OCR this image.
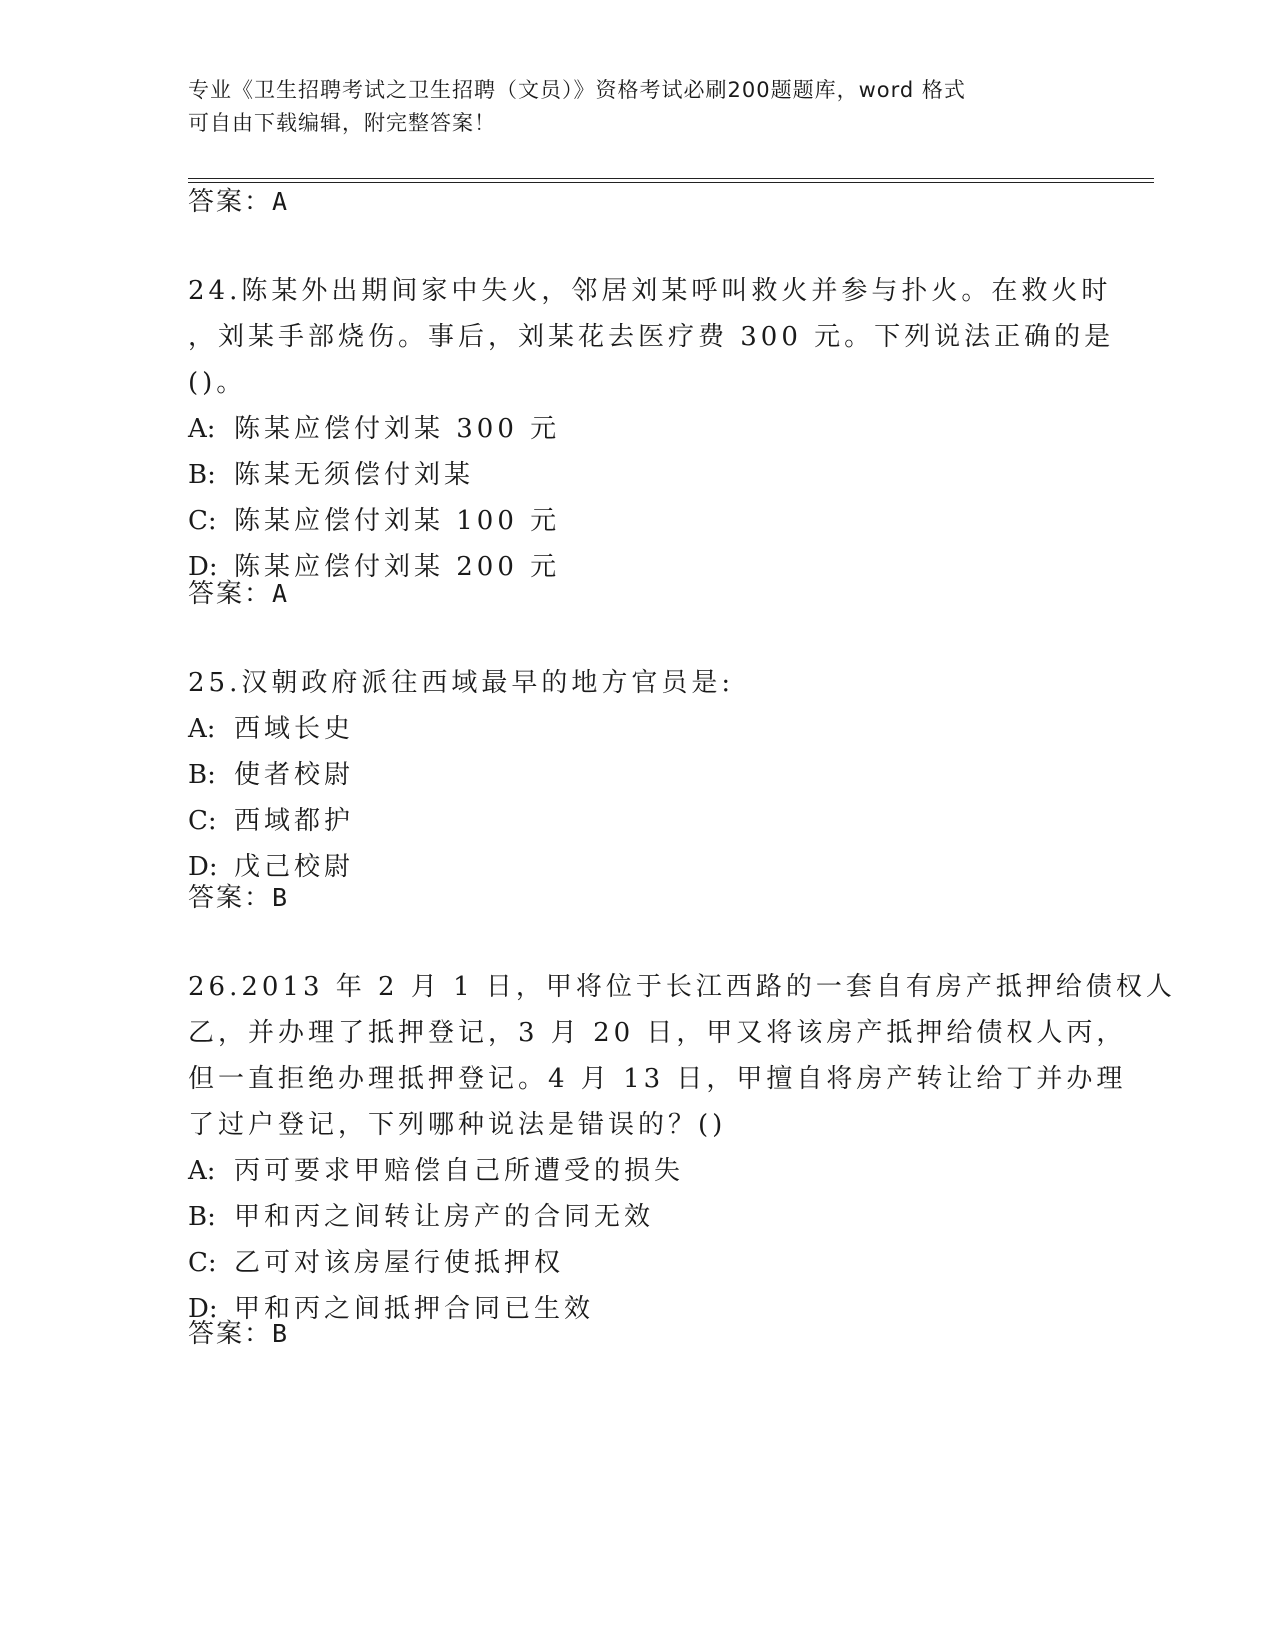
专业《卫生招聘考试之卫生招聘（文员）》资格考试必刷200题题库，word 格式
可自由下载编辑，附完整答案！
答案：A
24.陈某外出期间家中失火，邻居刘某呼叫救火并参与扑火。在救火时
，刘某手部烧伤。事后，刘某花去医疗费 300 元。下列说法正确的是
()。
A: 陈某应偿付刘某 300 元
B: 陈某无须偿付刘某
C: 陈某应偿付刘某 100 元
D: 陈某应偿付刘某 200 元
答案：A
25.汉朝政府派往西域最早的地方官员是:
A: 西域长史
B: 使者校尉
C: 西域都护
D: 戊己校尉
答案：B
26.2013 年 2 月 1 日，甲将位于长江西路的一套自有房产抵押给债权人
乙，并办理了抵押登记，3 月 20 日，甲又将该房产抵押给债权人丙，
但一直拒绝办理抵押登记。4 月 13 日，甲擅自将房产转让给丁并办理
了过户登记，下列哪种说法是错误的？()
A: 丙可要求甲赔偿自己所遭受的损失
B: 甲和丙之间转让房产的合同无效
C: 乙可对该房屋行使抵押权
D: 甲和丙之间抵押合同已生效
答案：B
